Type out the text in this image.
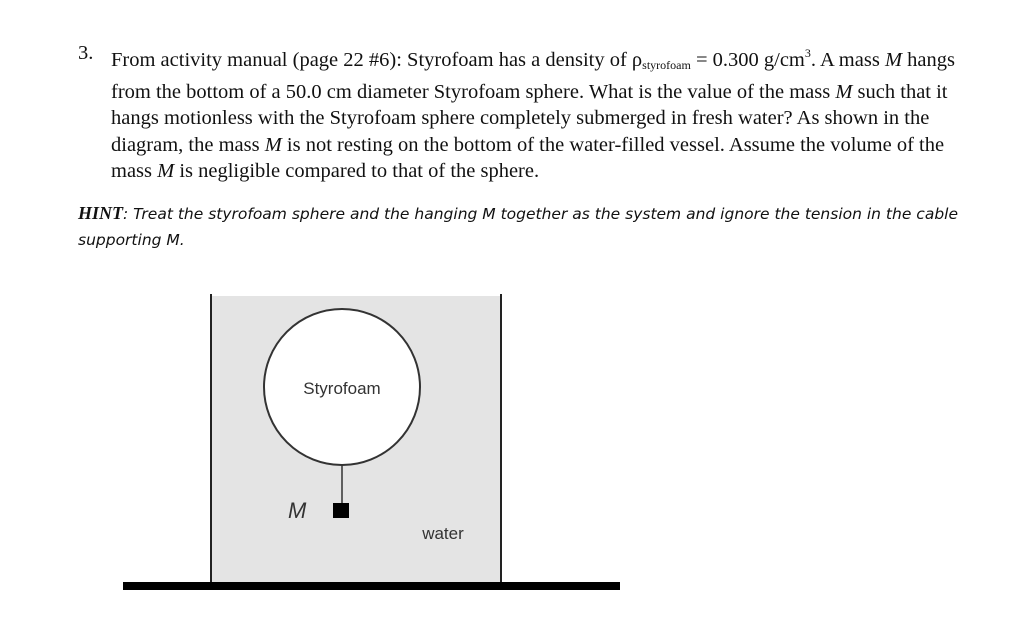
3. From activity manual (page 22 #6): Styrofoam has a density of $\rho_{styrofoam} = 0.300$ $g/cm^3$. A mass M hangs from the bottom of a 50.0 cm diameter Styrofoam sphere. What is the value of the mass M such that it hangs motionless with the Styrofoam sphere completely submerged in fresh water? As shown in the diagram, the mass M is not resting on the bottom of the water-filled vessel. Assume the volume of the mass M is negligible compared to that of the sphere.
HINT: Treat the styrofoam sphere and the hanging M together as the system and ignore the tension in the cable supporting M.
Styrofoam
M
water
